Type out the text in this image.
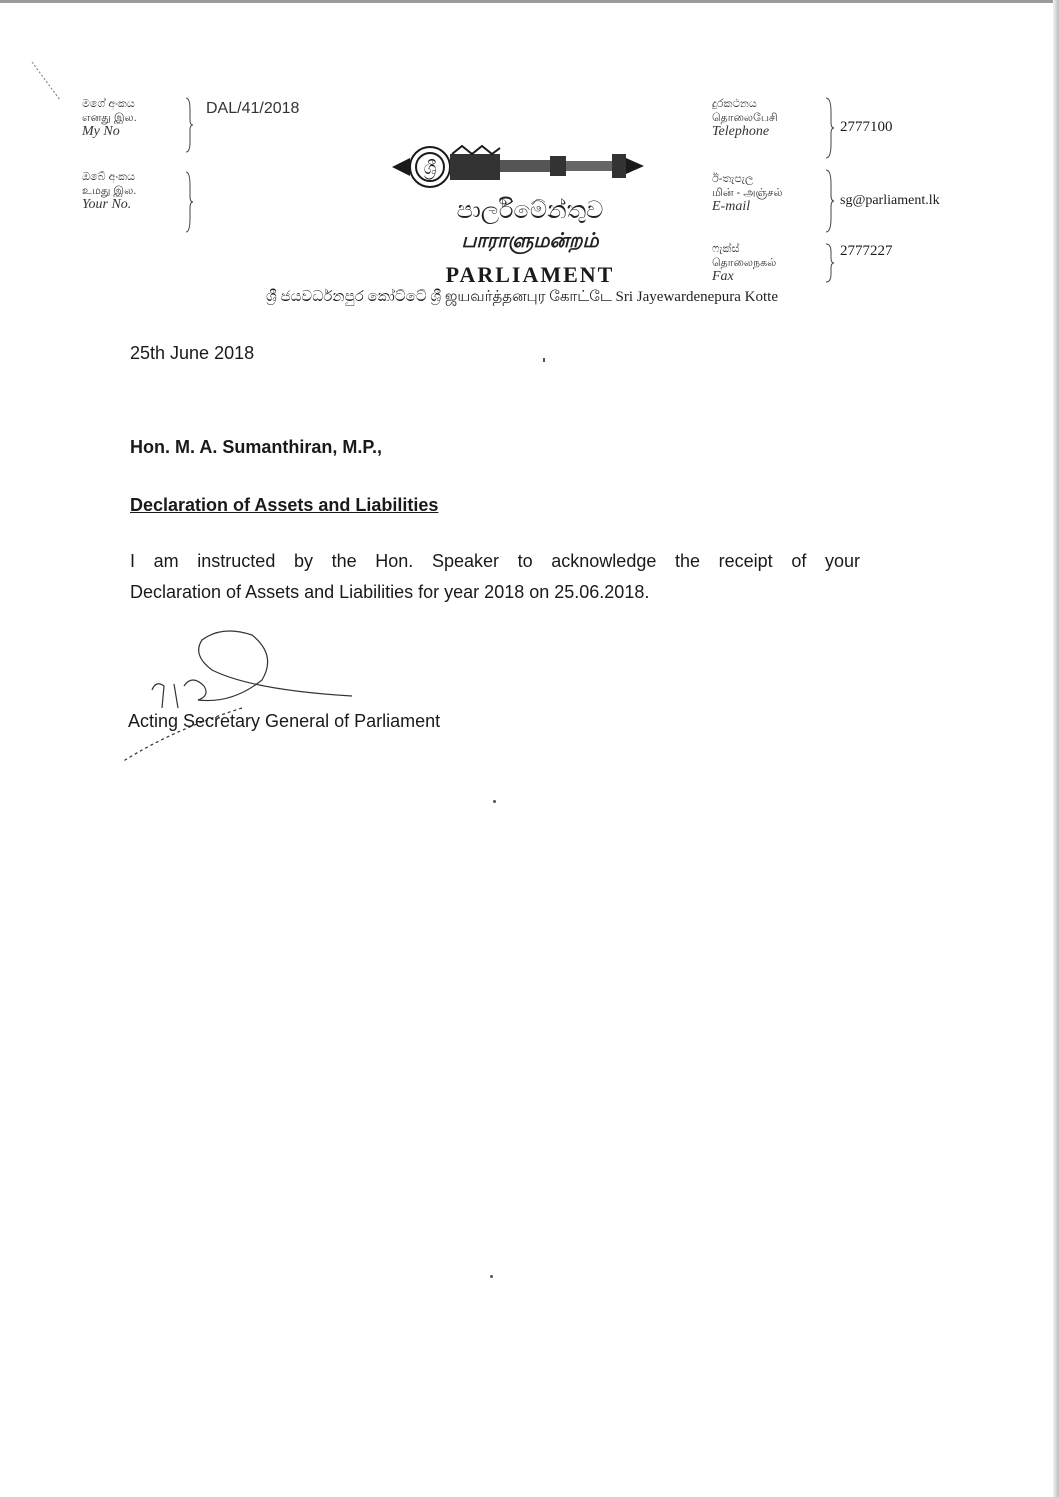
මගේ අංකය
எனது இல.
My No
DAL/41/2018
ඔබේ අංකය
உமது இல.
Your No.
ශ්‍රී
පාර්ලිමේන්තුව
பாராளுமன்றம்
PARLIAMENT
දුරකථනය
தொலைபேசி
Telephone	2777100
ඊ-තැපැල
மின் - அஞ்சல்
E-mail	sg@parliament.lk
ෆැක්ස්
தொலைநகல்
Fax
2777227
ශ්‍රී ජයවර්ධනපුර කෝට්ටේ ශ්‍රී ஜயவர்த்தனபுர கோட்டே Sri Jayewardenepura Kotte
25th June 2018
Hon. M. A. Sumanthiran, M.P.,
Declaration of Assets and Liabilities
I am instructed by the Hon. Speaker to acknowledge the receipt of your
Declaration of Assets and Liabilities for year 2018 on 25.06.2018.
Acting Secretary General of Parliament
